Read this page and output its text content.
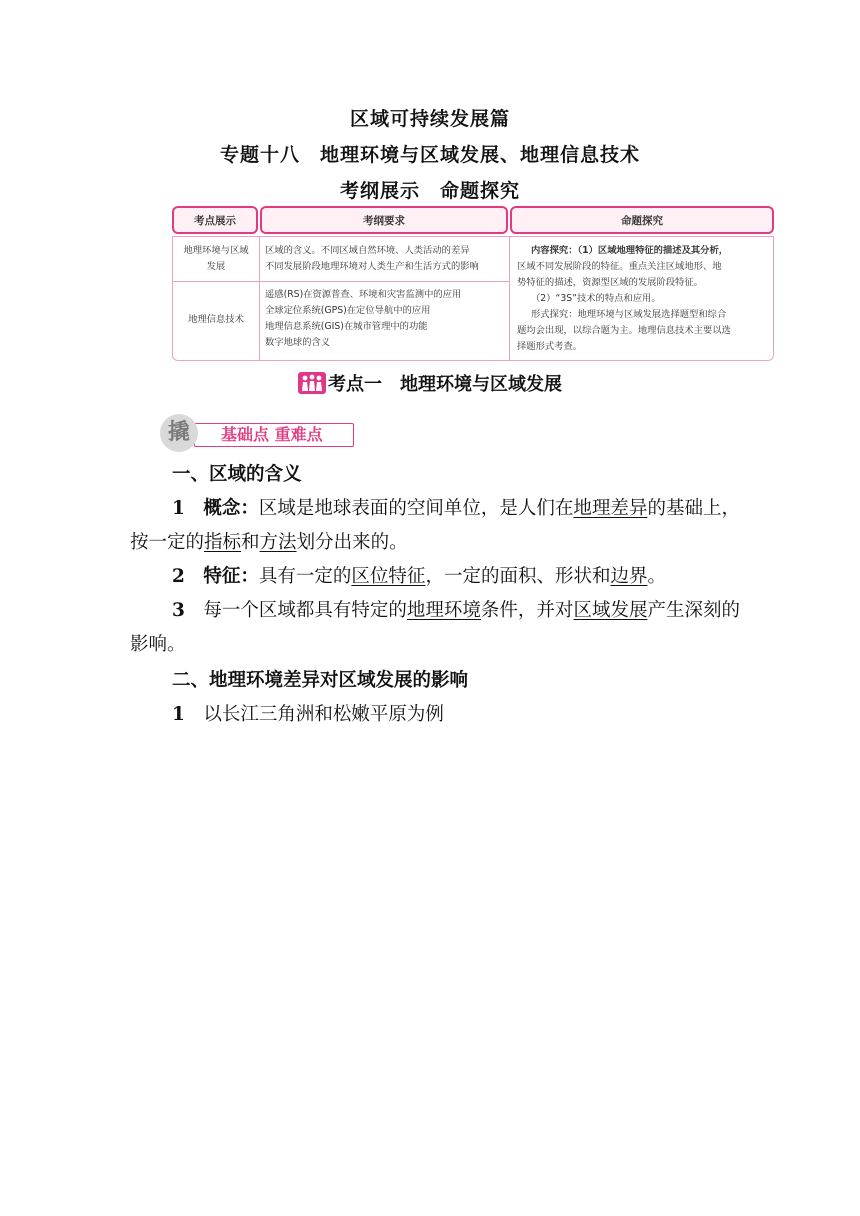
区域可持续发展篇
专题十八　地理环境与区域发展、地理信息技术
考纲展示　命题探究
考点展示	考纲要求	命题探究
地理环境与区域发展
区域的含义。不同区域自然环境、人类活动的差异
不同发展阶段地理环境对人类生产和生活方式的影响
地理信息技术
遥感(RS)在资源普查、环境和灾害监测中的应用
全球定位系统(GPS)在定位导航中的应用
地理信息系统(GIS)在城市管理中的功能
数字地球的含义
内容探究：（1）区域地理特征的描述及其分析，
区域不同发展阶段的特征。重点关注区域地形、地
势特征的描述，资源型区域的发展阶段特征。
（2）“3S”技术的特点和应用。
形式探究：地理环境与区域发展选择题型和综合
题均会出现，以综合题为主。地理信息技术主要以选
择题形式考查。
考点一　地理环境与区域发展
基础点 重难点
撬
一、区域的含义
1　 概念：区域是地球表面的空间单位，是人们在地理差异的基础上，按一定的指标和方法划分出来的。
2　 特征：具有一定的区位特征，一定的面积、形状和边界。
3　 每一个区域都具有特定的地理环境条件，并对区域发展产生深刻的影响。
二、地理环境差异对区域发展的影响
1　 以长江三角洲和松嫩平原为例
